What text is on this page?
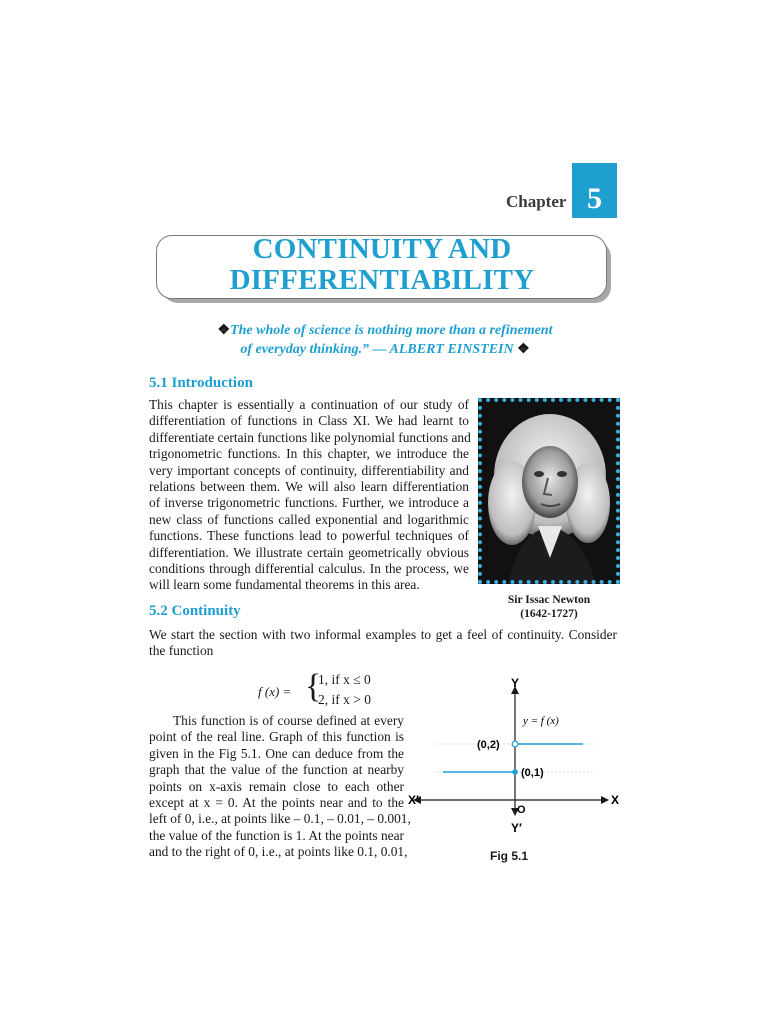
Chapter 5
CONTINUITY AND
DIFFERENTIABILITY
❖The whole of science is nothing more than a refinement
of everyday thinking.” — ALBERT EINSTEIN ❖
5.1 Introduction
This chapter is essentially a continuation of our study of
differentiation of functions in Class XI. We had learnt to
differentiate certain functions like polynomial functions and
trigonometric functions. In this chapter, we introduce the
very important concepts of continuity, differentiability and
relations between them. We will also learn differentiation
of inverse trigonometric functions. Further, we introduce a
new class of functions called exponential and logarithmic
functions. These functions lead to powerful techniques of
differentiation. We illustrate certain geometrically obvious
conditions through differential calculus. In the process, we
will learn some fundamental theorems in this area.
Sir Issac Newton
(1642-1727)
5.2 Continuity
We start the section with two informal examples to get a feel of continuity. Consider
the function
f (x) = {
1, if x ≤ 0
2, if x > 0
This function is of course defined at every
point of the real line. Graph of this function is
given in the Fig 5.1. One can deduce from the
graph that the value of the function at nearby
points on x-axis remain close to each other
except at x = 0. At the points near and to the
left of 0, i.e., at points like – 0.1, – 0.01, – 0.001,
the value of the function is 1. At the points near
and to the right of 0, i.e., at points like 0.1, 0.01,
Y
Y′
X
X′
O
y = f (x)
(0,2)
(0,1)
Fig 5.1
